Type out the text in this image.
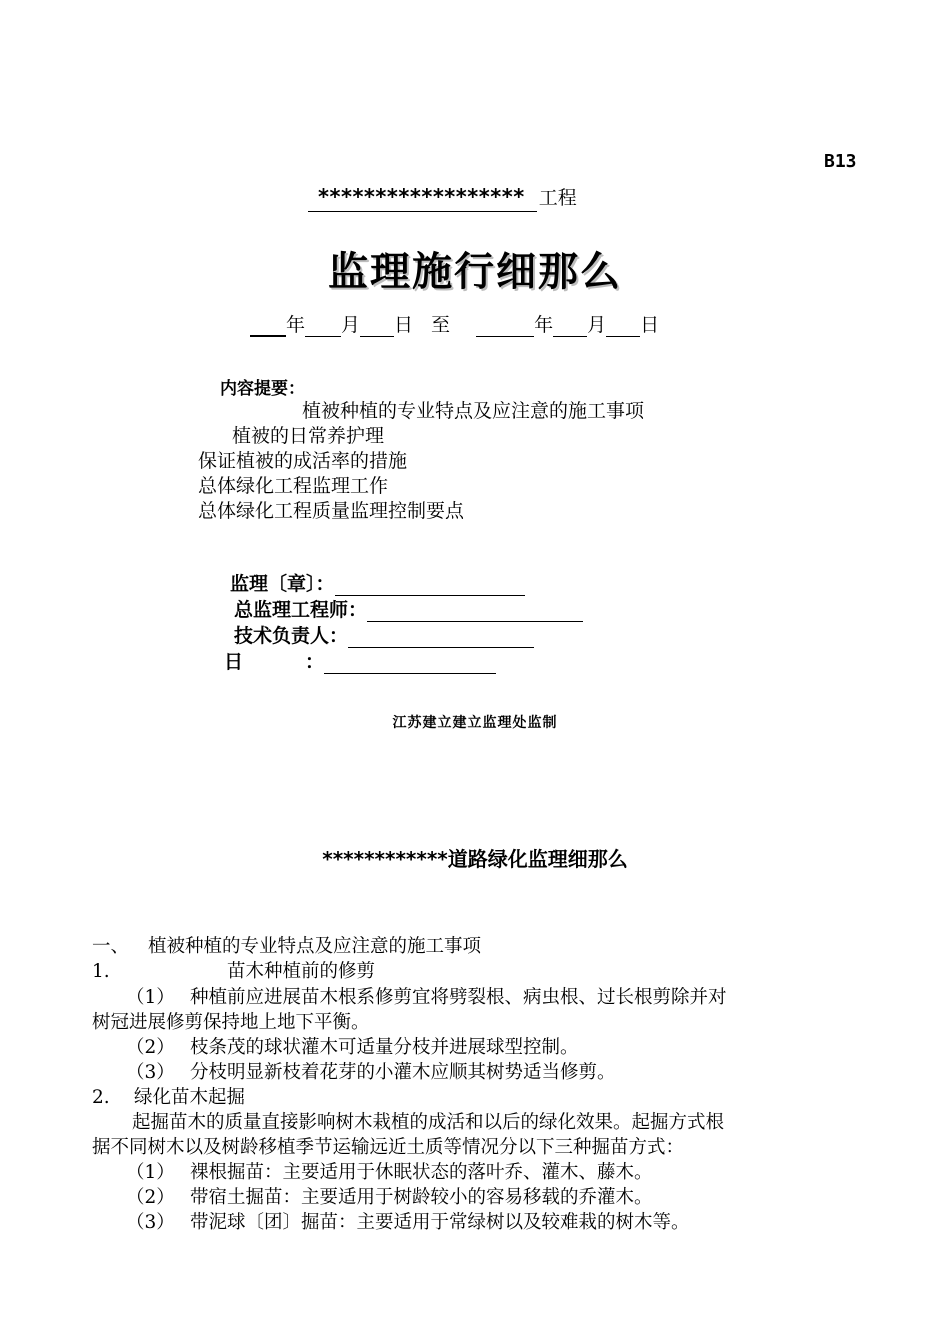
B13
****************** 工程
监理施行细那么
年 月 日 至	年 月 日
内容提要：
植被种植的专业特点及应注意的施工事项
植被的日常养护理
保证植被的成活率的措施
总体绿化工程监理工作
总体绿化工程质量监理控制要点
监理〔章〕：
总监理工程师：
技术负责人：
日	：
江苏建立建立监理处监制
************道路绿化监理细那么
一、 植被种植的专业特点及应注意的施工事项
1.	苗木种植前的修剪
（1） 种植前应进展苗木根系修剪宜将劈裂根、病虫根、过长根剪除并对
树冠进展修剪保持地上地下平衡。
（2） 枝条茂的球状灌木可适量分枝并进展球型控制。
（3） 分枝明显新枝着花芽的小灌木应顺其树势适当修剪。
2. 绿化苗木起掘
起掘苗木的质量直接影响树木栽植的成活和以后的绿化效果。起掘方式根
据不同树木以及树龄移植季节运输远近土质等情况分以下三种掘苗方式：
（1） 裸根掘苗：主要适用于休眠状态的落叶乔、灌木、藤木。
（2） 带宿土掘苗：主要适用于树龄较小的容易移载的乔灌木。
（3） 带泥球〔团〕掘苗：主要适用于常绿树以及较难栽的树木等。
